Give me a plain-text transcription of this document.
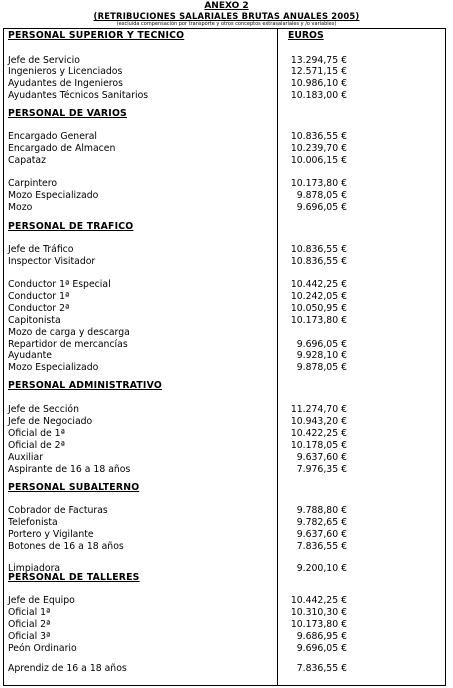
ANEXO 2
(RETRIBUCIONES SALARIALES BRUTAS ANUALES 2005)
(excluida compensación por transporte y otros conceptos extrasalariales y /o variables)
EUROS
PERSONAL SUPERIOR Y TECNICO
Jefe de Servicio	13.294,75 €
Ingenieros y Licenciados	12.571,15 €
Ayudantes de Ingenieros	10.986,10 €
Ayudantes Técnicos Sanitarios	10.183,00 €
PERSONAL DE VARIOS
Encargado General	10.836,55 €
Encargado de Almacen	10.239,70 €
Capataz	10.006,15 €
Carpintero	10.173,80 €
Mozo Especializado	9.878,05 €
Mozo	9.696,05 €
PERSONAL DE TRAFICO
Jefe de Tráfico	10.836,55 €
Inspector Visitador	10.836,55 €
Conductor 1ª Especial	10.442,25 €
Conductor 1ª	10.242,05 €
Conductor 2ª	10.050,95 €
Capitonista	10.173,80 €
Mozo de carga y descarga
Repartidor de mercancías	9.696,05 €
Ayudante	9.928,10 €
Mozo Especializado	9.878,05 €
PERSONAL ADMINISTRATIVO
Jefe de Sección	11.274,70 €
Jefe de Negociado	10.943,20 €
Oficial de 1ª	10.422,25 €
Oficial de 2ª	10.178,05 €
Auxiliar	9.637,60 €
Aspirante de 16 a 18 años	7.976,35 €
PERSONAL SUBALTERNO
Cobrador de Facturas	9.788,80 €
Telefonista	9.782,65 €
Portero y Vigilante	9.637,60 €
Botones de 16 a 18 años	7.836,55 €
Limpiadora	9.200,10 €
PERSONAL DE TALLERES
Jefe de Equipo	10.442,25 €
Oficial 1ª	10.310,30 €
Oficial 2ª	10.173,80 €
Oficial 3ª	9.686,95 €
Peón Ordinario	9.696,05 €
Aprendiz de 16 a 18 años	7.836,55 €
